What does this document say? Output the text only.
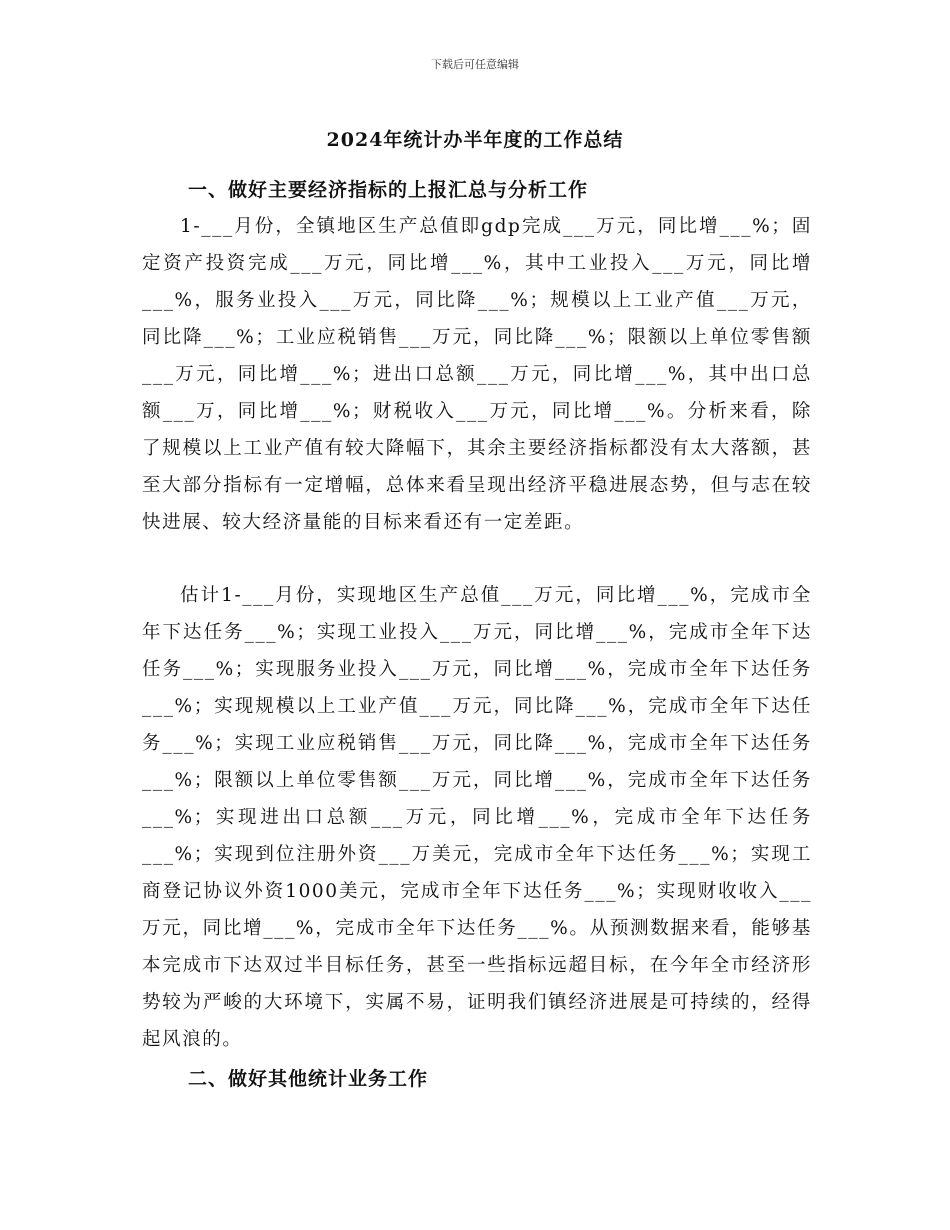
下载后可任意编辑
2024年统计办半年度的工作总结
一、做好主要经济指标的上报汇总与分析工作

1-___月份，全镇地区生产总值即gdp完成___万元，同比增___%；固定资产投资完成___万元，同比增___%，其中工业投入___万元，同比增___%，服务业投入___万元，同比降___%；规模以上工业产值___万元，同比降___%；工业应税销售___万元，同比降___%；限额以上单位零售额___万元，同比增___%；进出口总额___万元，同比增___%，其中出口总额___万，同比增___%；财税收入___万元，同比增___%。分析来看，除了规模以上工业产值有较大降幅下，其余主要经济指标都没有太大落额，甚至大部分指标有一定增幅，总体来看呈现出经济平稳进展态势，但与志在较快进展、较大经济量能的目标来看还有一定差距。

估计1-___月份，实现地区生产总值___万元，同比增___%，完成市全年下达任务___%；实现工业投入___万元，同比增___%，完成市全年下达任务___%；实现服务业投入___万元，同比增___%，完成市全年下达任务___%；实现规模以上工业产值___万元，同比降___%，完成市全年下达任务___%；实现工业应税销售___万元，同比降___%，完成市全年下达任务___%；限额以上单位零售额___万元，同比增___%，完成市全年下达任务___%；实现进出口总额___万元，同比增___%，完成市全年下达任务___%；实现到位注册外资___万美元，完成市全年下达任务___%；实现工商登记协议外资1000美元，完成市全年下达任务___%；实现财收收入___万元，同比增___%，完成市全年下达任务___%。从预测数据来看，能够基本完成市下达双过半目标任务，甚至一些指标远超目标，在今年全市经济形势较为严峻的大环境下，实属不易，证明我们镇经济进展是可持续的，经得起风浪的。

二、做好其他统计业务工作
